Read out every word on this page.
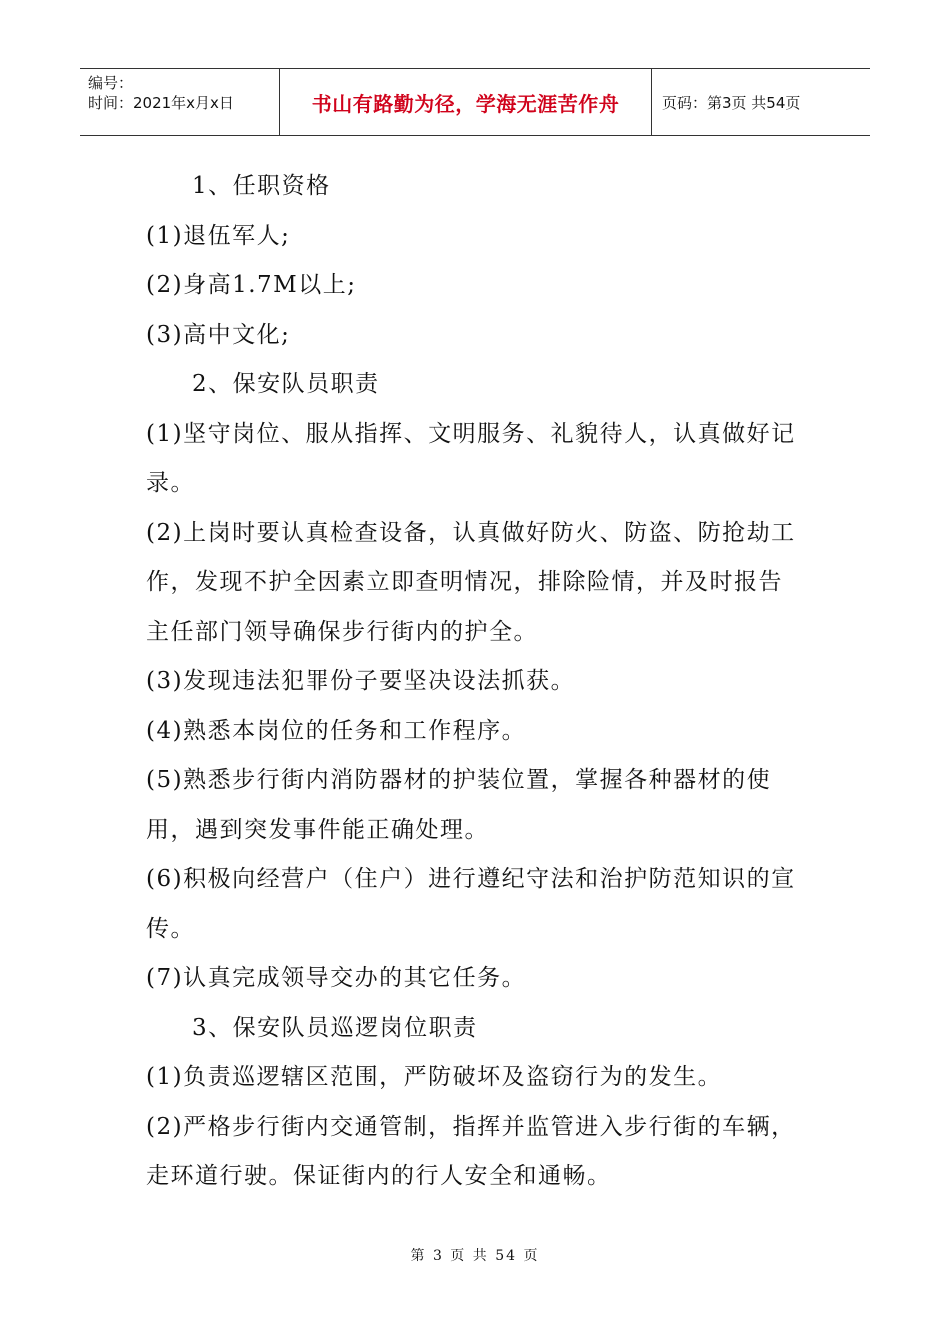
编号：
时间：2021年x月x日	书山有路勤为径，学海无涯苦作舟	页码：第3页 共54页

1、任职资格

(1)退伍军人;

(2)身高1.7M以上;

(3)高中文化;

2、保安队员职责

(1)坚守岗位、服从指挥、文明服务、礼貌待人，认真做好记录。

(2)上岗时要认真检查设备，认真做好防火、防盗、防抢劫工作，发现不护全因素立即查明情况，排除险情，并及时报告主任部门领导确保步行街内的护全。

(3)发现违法犯罪份子要坚决设法抓获。

(4)熟悉本岗位的任务和工作程序。

(5)熟悉步行街内消防器材的护装位置，掌握各种器材的使用，遇到突发事件能正确处理。

(6)积极向经营户（住户）进行遵纪守法和治护防范知识的宣传。

(7)认真完成领导交办的其它任务。

3、保安队员巡逻岗位职责

(1)负责巡逻辖区范围，严防破坏及盗窃行为的发生。

(2)严格步行街内交通管制，指挥并监管进入步行街的车辆，走环道行驶。保证街内的行人安全和通畅。

第 3 页 共 54 页
